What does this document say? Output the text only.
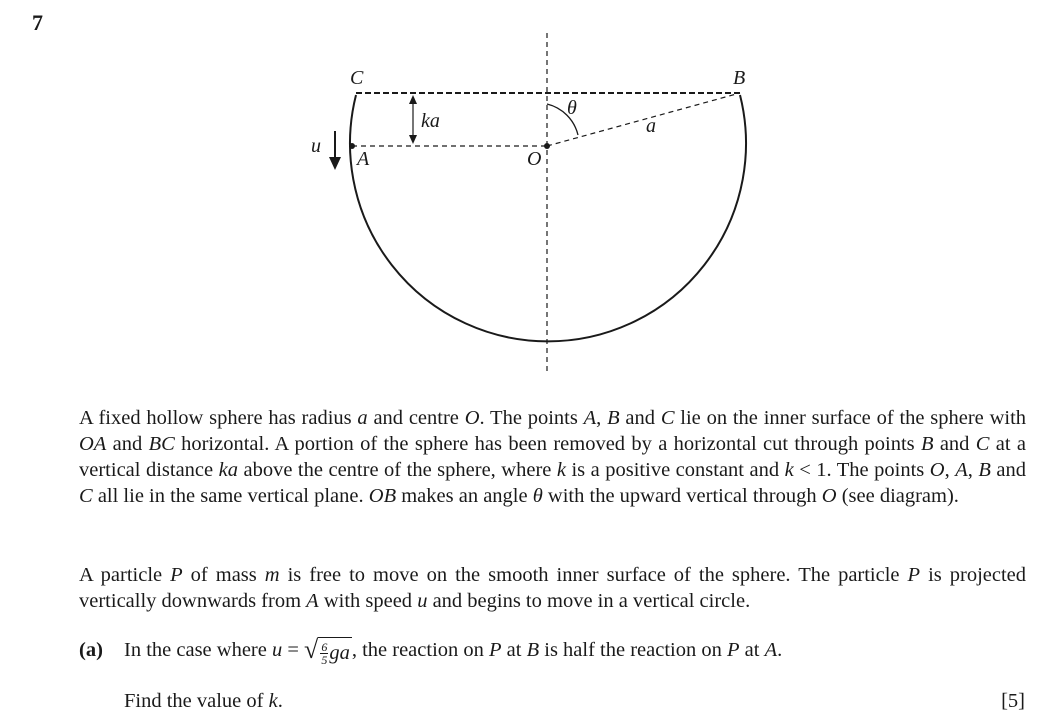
7
C	B
A	O
u
ka	a
θ

A fixed hollow sphere has radius a and centre O. The points A, B and C lie on the inner surface of the sphere with OA and BC horizontal. A portion of the sphere has been removed by a horizontal cut through points B and C at a vertical distance ka above the centre of the sphere, where k is a positive constant and k < 1. The points O, A, B and C all lie in the same vertical plane. OB makes an angle θ with the upward vertical through O (see diagram).

A particle P of mass m is free to move on the smooth inner surface of the sphere. The particle P is projected vertically downwards from A with speed u and begins to move in a vertical circle.

(a) In the case where u = √ $\frac{6}{5}$ ga , the reaction on P at B is half the reaction on P at A.
Find the value of k.	[5]
